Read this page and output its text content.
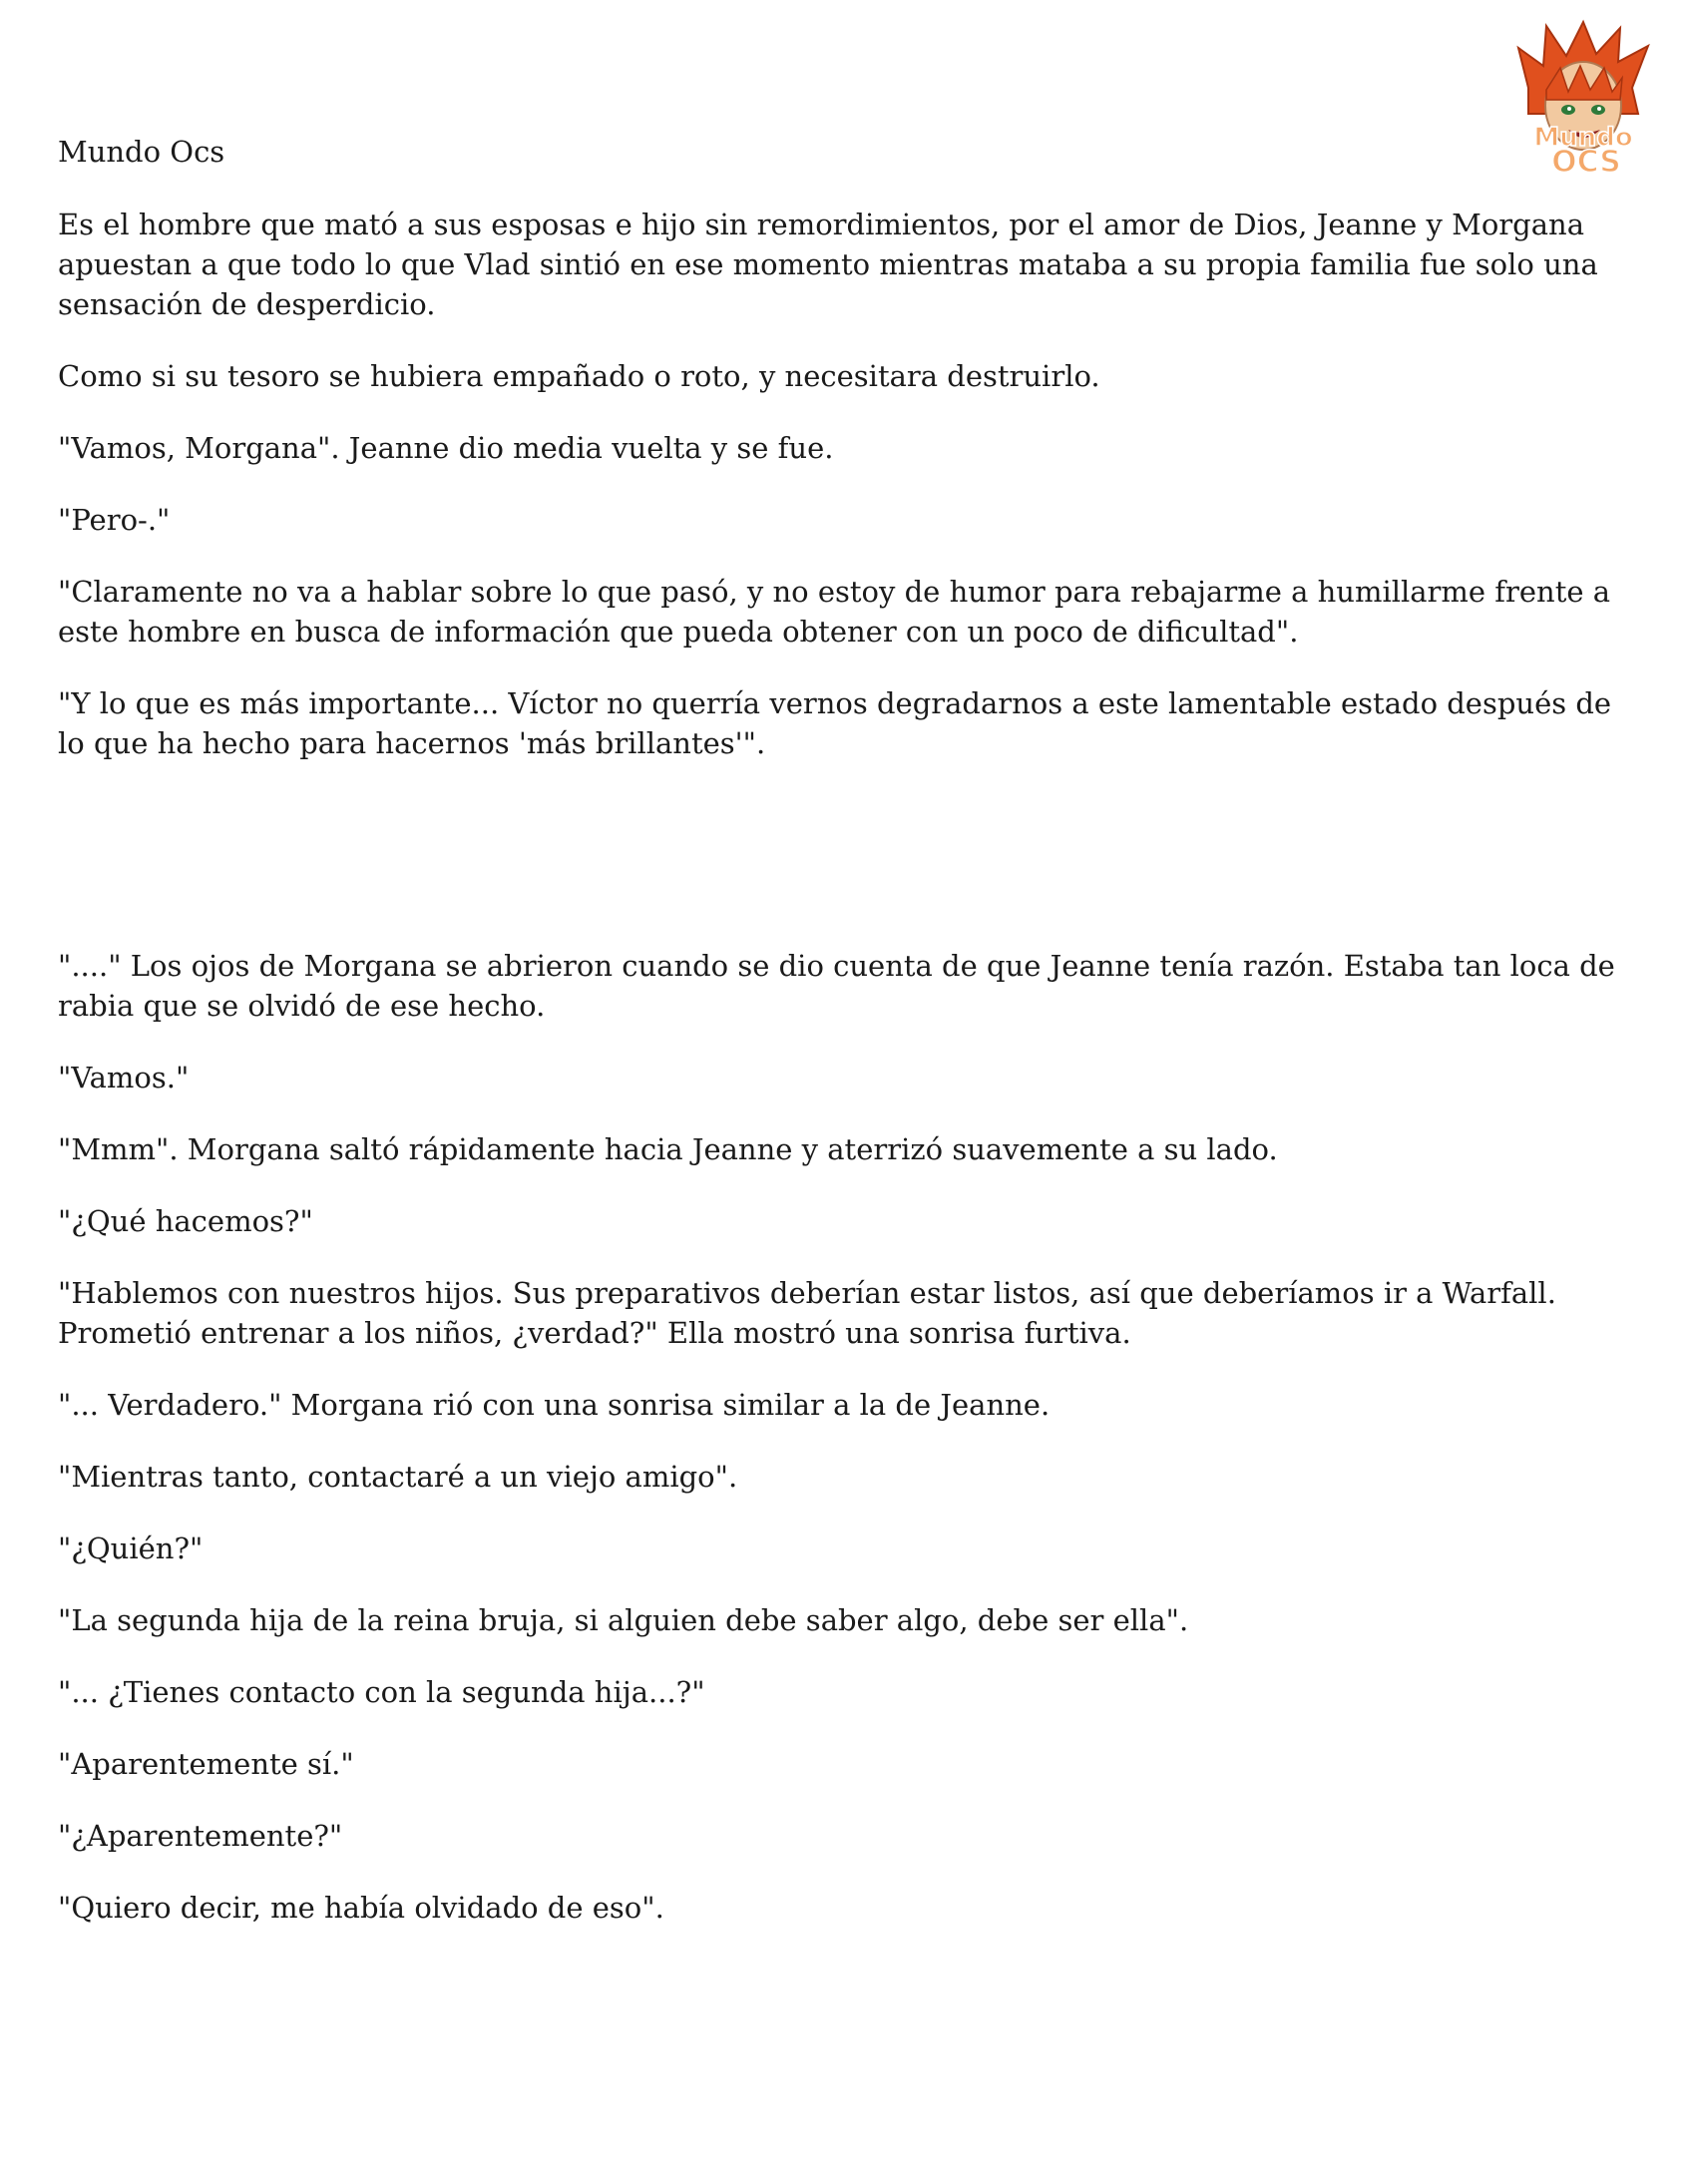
Mundo
OCS
Mundo Ocs

Es el hombre que mató a sus esposas e hijo sin remordimientos, por el amor de Dios, Jeanne y Morgana apuestan a que todo lo que Vlad sintió en ese momento mientras mataba a su propia familia fue solo una sensación de desperdicio.

Como si su tesoro se hubiera empañado o roto, y necesitara destruirlo.

"Vamos, Morgana". Jeanne dio media vuelta y se fue.

"Pero-."

"Claramente no va a hablar sobre lo que pasó, y no estoy de humor para rebajarme a humillarme frente a este hombre en busca de información que pueda obtener con un poco de dificultad".

"Y lo que es más importante... Víctor no querría vernos degradarnos a este lamentable estado después de lo que ha hecho para hacernos 'más brillantes'".

"...." Los ojos de Morgana se abrieron cuando se dio cuenta de que Jeanne tenía razón. Estaba tan loca de rabia que se olvidó de ese hecho.

"Vamos."

"Mmm". Morgana saltó rápidamente hacia Jeanne y aterrizó suavemente a su lado.

"¿Qué hacemos?"

"Hablemos con nuestros hijos. Sus preparativos deberían estar listos, así que deberíamos ir a Warfall. Prometió entrenar a los niños, ¿verdad?" Ella mostró una sonrisa furtiva.

"... Verdadero." Morgana rió con una sonrisa similar a la de Jeanne.

"Mientras tanto, contactaré a un viejo amigo".

"¿Quién?"

"La segunda hija de la reina bruja, si alguien debe saber algo, debe ser ella".

"... ¿Tienes contacto con la segunda hija...?"

"Aparentemente sí."

"¿Aparentemente?"

"Quiero decir, me había olvidado de eso".
